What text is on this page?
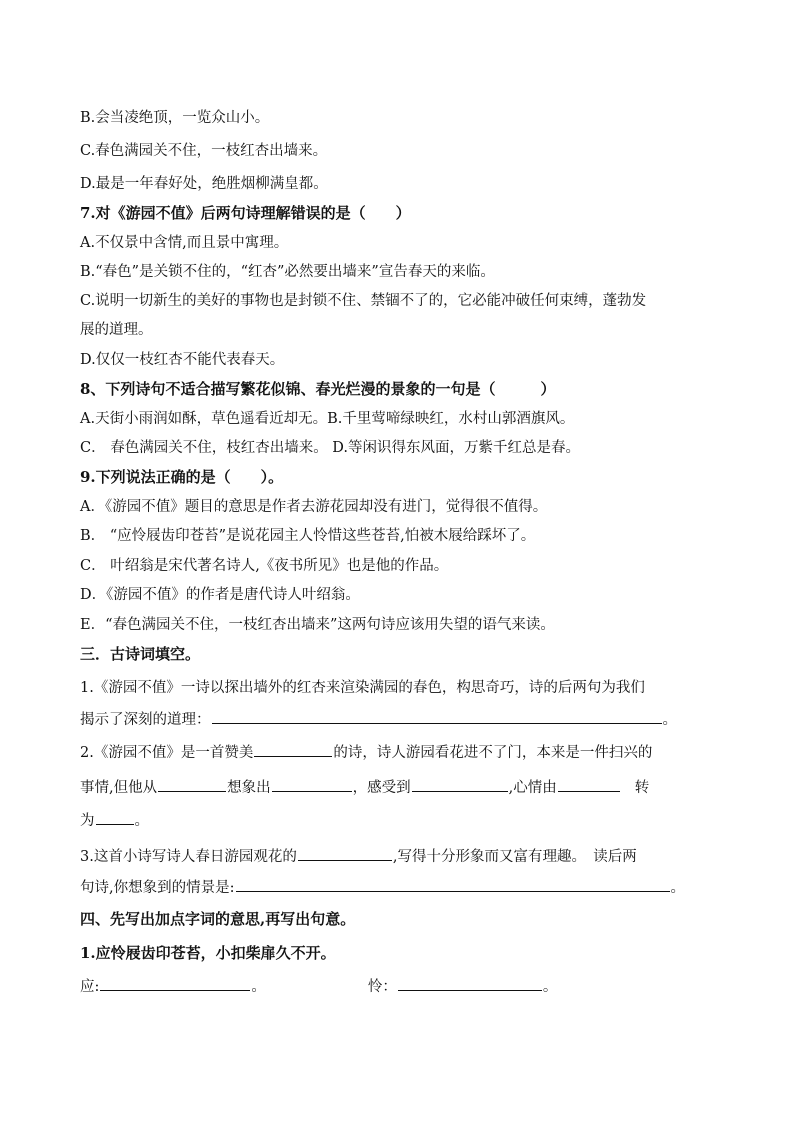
B.会当凌绝顶，一览众山小。
C.春色满园关不住，一枝红杏出墙来。
D.最是一年春好处，绝胜烟柳满皇都。
7.对《游园不值》后两句诗理解错误的是（　　）
A.不仅景中含情,而且景中寓理。
B.“春色”是关锁不住的，“红杏”必然要出墙来”宣告春天的来临。
C.说明一切新生的美好的事物也是封锁不住、禁锢不了的，它必能冲破任何束缚，蓬勃发
展的道理。
D.仅仅一枝红杏不能代表春天。
8、下列诗句不适合描写繁花似锦、春光烂漫的景象的一句是（　　　）
A.天街小雨润如酥，草色遥看近却无。B.千里莺啼绿映红，水村山郭酒旗风。
C． 春色满园关不住，枝红杏出墙来。 D.等闲识得东风面，万紫千红总是春。
9.下列说法正确的是（　　）。
A．《游园不值》题目的意思是作者去游花园却没有进门，觉得很不值得。
B． “应怜屐齿印苍苔”是说花园主人怜惜这些苍苔,怕被木屐给踩坏了。
C． 叶绍翁是宋代著名诗人,《夜书所见》也是他的作品。
D．《游园不值》的作者是唐代诗人叶绍翁。
E．“春色满园关不住，一枝红杏出墙来”这两句诗应该用失望的语气来读。
三．古诗词填空。
1.《游园不值》一诗以探出墙外的红杏来渲染满园的春色，构思奇巧，诗的后两句为我们
揭示了深刻的道理：	。
2.《游园不值》是一首赞美	的诗，诗人游园看花进不了门，本来是一件扫兴的
事情,但他从	想象出	，感受到	,心情由	转
为	。
3.这首小诗写诗人春日游园观花的	,写得十分形象而又富有理趣。　读后两
句诗,你想象到的情景是:	。
四、先写出加点字词的意思,再写出句意。
1.应怜屐齿印苍苔，小扣柴扉久不开。
应:	。	怜：	。
